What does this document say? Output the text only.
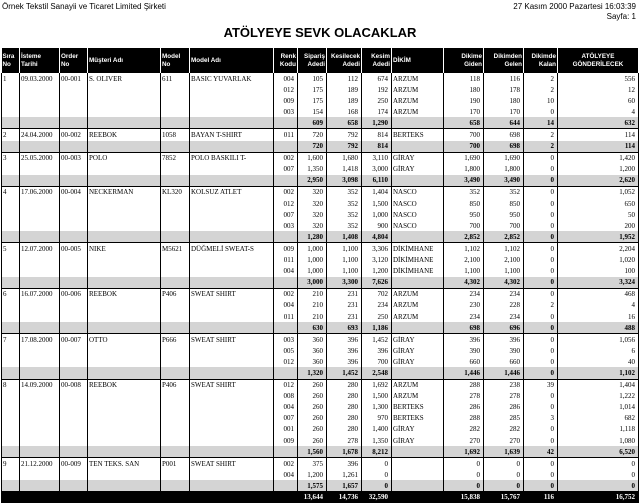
Örnek Tekstil Sanayii ve Ticaret Limited Şirketi	27 Kasım 2000 Pazartesi 16:03:39
Sayfa: 1
ATÖLYEYE SEVK OLACAKLAR
Sıra No	İsteme Tarihi	Order No	Müşteri Adı	Model No	Model Adı	Renk Kodu	Sipariş Adedi	Kesilecek Adedi	Kesim Adedi	DİKİM	Dikime Giden	Dikimden Gelen	Dikimde Kalan	ATÖLYEYE GÖNDERİLECEK
1	09.03.2000	00-001	S. OLIVER	611	BASIC YUVARLAK	004	105	112	674	ARZUM	118	116	2	556
						012	175	189	192	ARZUM	180	178	2	12
						009	175	189	250	ARZUM	190	180	10	60
						003	154	168	174	ARZUM	170	170	0	4
							609	658	1,290		658	644	14	632
2	24.04.2000	00-002	REEBOK	1058	BAYAN T-SHIRT	011	720	792	814	BERTEKS	700	698	2	114
							720	792	814		700	698	2	114
3	25.05.2000	00-003	POLO	7852	POLO BASKILI T-	002	1,600	1,680	3,110	GİRAY	1,690	1,690	0	1,420
						007	1,350	1,418	3,000	GİRAY	1,800	1,800	0	1,200
							2,950	3,098	6,110		3,490	3,490	0	2,620
4	17.06.2000	00-004	NECKERMAN	KL320	KOLSUZ ATLET	002	320	352	1,404	NASCO	352	352	0	1,052
						012	320	352	1,500	NASCO	850	850	0	650
						007	320	352	1,000	NASCO	950	950	0	50
						003	320	352	900	NASCO	700	700	0	200
							1,280	1,408	4,804		2,852	2,852	0	1,952
5	12.07.2000	00-005	NIKE	M5621	DÜĞMELİ SWEAT-S	009	1,000	1,100	3,306	DİKİMHANE	1,102	1,102	0	2,204
						011	1,000	1,100	3,120	DİKİMHANE	2,100	2,100	0	1,020
						004	1,000	1,100	1,200	DİKİMHANE	1,100	1,100	0	100
							3,000	3,300	7,626		4,302	4,302	0	3,324
6	16.07.2000	00-006	REEBOK	P406	SWEAT SHIRT	002	210	231	702	ARZUM	234	234	0	468
						004	210	231	234	ARZUM	230	228	2	4
						011	210	231	250	ARZUM	234	234	0	16
							630	693	1,186		698	696	0	488
7	17.08.2000	00-007	OTTO	P666	SWEAT SHIRT	003	360	396	1,452	GİRAY	396	396	0	1,056
						005	360	396	396	GİRAY	390	390	0	6
						012	360	396	700	GİRAY	660	660	0	40
							1,320	1,452	2,548		1,446	1,446	0	1,102
8	14.09.2000	00-008	REEBOK	P406	SWEAT SHIRT	012	260	280	1,692	ARZUM	288	238	39	1,404
						008	260	280	1,500	ARZUM	278	278	0	1,222
						004	260	280	1,300	BERTEKS	286	286	0	1,014
						007	260	280	970	BERTEKS	288	285	3	682
						001	260	280	1,400	GİRAY	282	282	0	1,118
						009	260	278	1,350	GİRAY	270	270	0	1,080
							1,560	1,678	8,212		1,692	1,639	42	6,520
9	21.12.2000	00-009	TEN TEKS. SAN	P001	SWEAT SHIRT	002	375	396	0		0	0	0	0
						004	1,200	1,261	0		0	0	0	0
							1,575	1,657	0		0	0	0	0
							13,644	14,736	32,590		15,838	15,767	116	16,752
